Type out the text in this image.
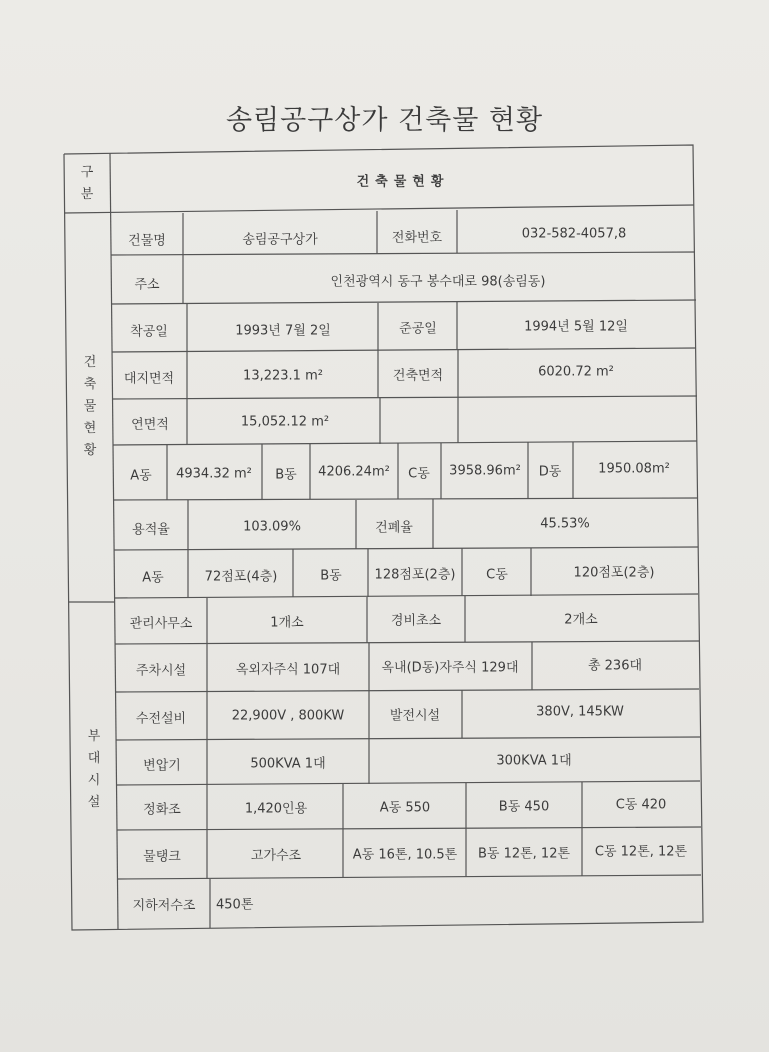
송림공구상가 건축물 현황
구분
건축물현황
건축물현황
부대시설
건물명	송림공구상가	전화번호	032-582-4057,8
주소	인천광역시 동구 봉수대로 98(송림동)
착공일	1993년 7월 2일	준공일	1994년 5월 12일
대지면적	13,223.1 m²	건축면적	6020.72 m²
연면적	15,052.12 m²
A동 4934.32 m² B동 4206.24m² C동 3958.96m² D동	1950.08m²
용적율	103.09%	건폐율	45.53%
A동	72점포(4층)	B동	128점포(2층) C동	120점포(2층)
관리사무소	1개소	경비초소	2개소
주차시설	옥외자주식 107대	옥내(D동)자주식 129대	총 236대
수전설비	22,900V , 800KW	발전시설	380V, 145KW
변압기	500KVA 1대	300KVA 1대
정화조	1,420인용	A동 550	B동 450	C동 420
물탱크	고가수조	A동 16톤, 10.5톤 B동 12톤, 12톤 C동 12톤, 12톤
지하저수조 450톤
